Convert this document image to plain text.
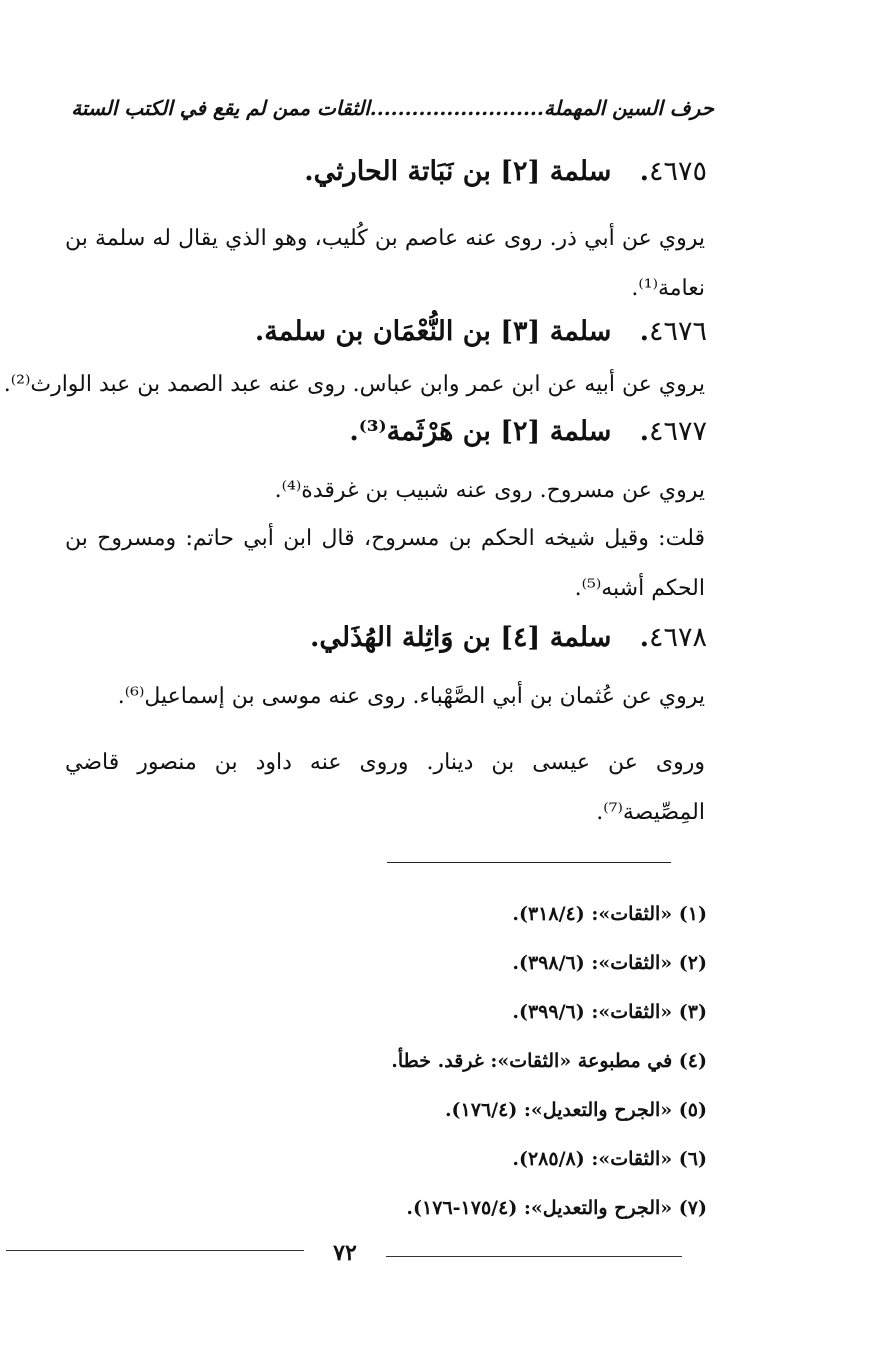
حرف السين المهملة.........................الثقات ممن لم يقع في الكتب الستة
٤٦٧٥.   سلمة [٢] بن نَبَاتة الحارثي.
يروي عن أبي ذر. روى عنه عاصم بن كُليب، وهو الذي يقال له سلمة بن نعامة⁽¹⁾.
٤٦٧٦.   سلمة [٣] بن النُّعْمَان بن سلمة.
يروي عن أبيه عن ابن عمر وابن عباس. روى عنه عبد الصمد بن عبد الوارث⁽²⁾.
٤٦٧٧.   سلمة [٢] بن هَرْثَمة⁽³⁾.
يروي عن مسروح. روى عنه شبيب بن غرقدة⁽⁴⁾.
قلت: وقيل شيخه الحكم بن مسروح، قال ابن أبي حاتم: ومسروح بن الحكم أشبه⁽⁵⁾.
٤٦٧٨.   سلمة [٤] بن وَاثِلة الهُذَلي.
يروي عن عُثمان بن أبي الصَّهْباء. روى عنه موسى بن إسماعيل⁽⁶⁾.
وروى عن عيسى بن دينار. وروى عنه داود بن منصور قاضي المِصِّيصة⁽⁷⁾.
(١) «الثقات»: (٣١٨/٤).
(٢) «الثقات»: (٣٩٨/٦).
(٣) «الثقات»: (٣٩٩/٦).
(٤) في مطبوعة «الثقات»: غرقد. خطأ.
(٥) «الجرح والتعديل»: (١٧٦/٤).
(٦) «الثقات»: (٢٨٥/٨).
(٧) «الجرح والتعديل»: (١٧٥/٤-١٧٦).
٧٢
